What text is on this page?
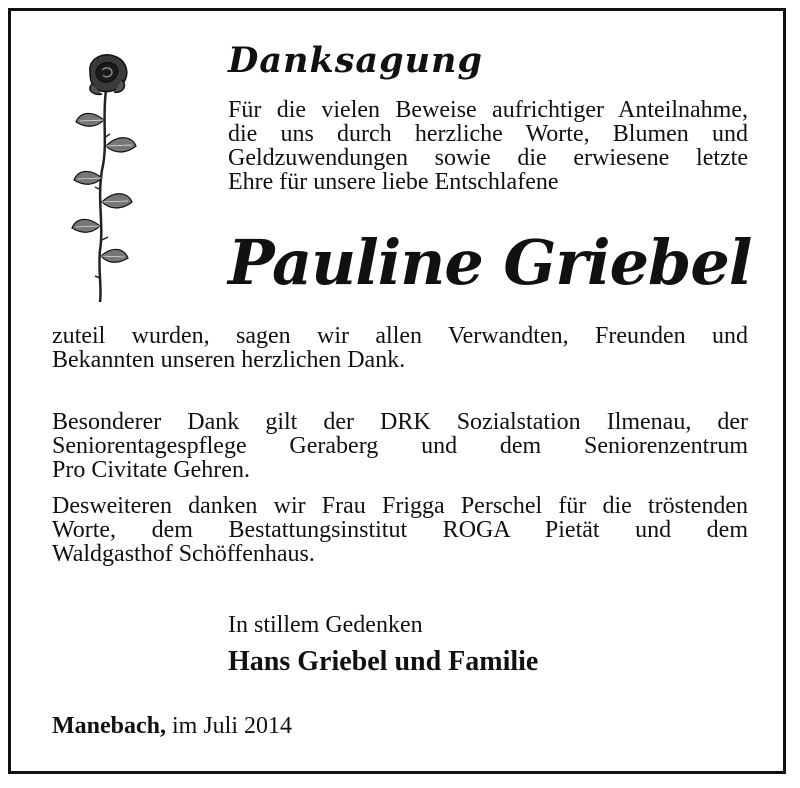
Danksagung

Für die vielen Beweise aufrichtiger Anteilnahme,
die uns durch herzliche Worte, Blumen und
Geldzuwendungen sowie die erwiesene letzte
Ehre für unsere liebe Entschlafene

Pauline Griebel

zuteil wurden, sagen wir allen Verwandten, Freunden und
Bekannten unseren herzlichen Dank.

Besonderer Dank gilt der DRK Sozialstation Ilmenau, der
Seniorentagespflege Geraberg und dem Seniorenzentrum
Pro Civitate Gehren.

Desweiteren danken wir Frau Frigga Perschel für die tröstenden
Worte, dem Bestattungsinstitut ROGA Pietät und dem
Waldgasthof Schöffenhaus.

In stillem Gedenken
Hans Griebel und Familie
Manebach, im Juli 2014
